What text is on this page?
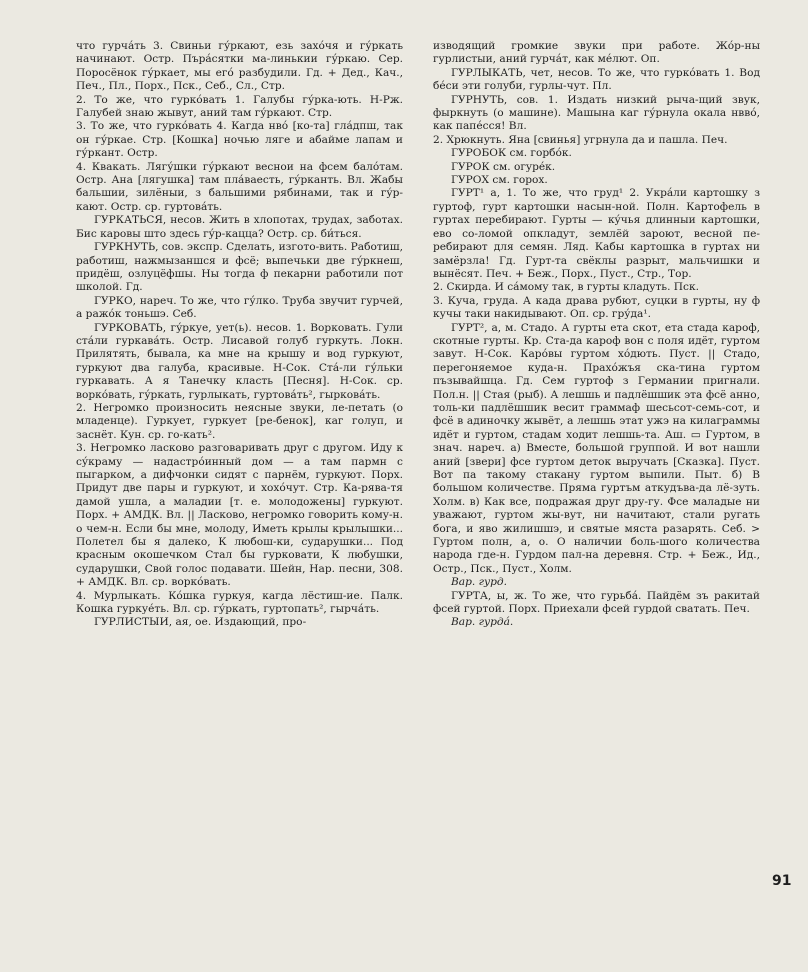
что гурча́ть 3. Свиньи гу́ркают, езь захо́чя и гу́ркать начинают. Остр. Пъра́сятки ма-линькии гу́ркаю. Сер. Поросёнок гу́ркает, мы его́ разбудили. Гд. + Дед., Кач., Печ., Пл., Порх., Пск., Себ., Сл., Стр.

2. То же, что гурко́вать 1. Галубы гу́рка-ють. Н-Рж. Галубей знаю жывут, аний там гу́ркают. Стр.

3. То же, что гурко́вать 4. Кагда нво́ [ко-та] гла́дпш, так он гу́ркае. Стр. [Кошка] ночью ляге и абайме лапам и гу́ркант. Остр.

4. Квакать. Лягу́шки гу́ркают веснои на фсем бало́там. Остр. Ана [лягушка] там пла́ваесть, гу́рканть. Вл. Жабы бальшии, зилёныи, з бальшими рябинами, так и гу́р-кают. Остр. ср. гуртова́ть.

ГУРКАТЬСЯ, несов. Жить в хлопотах, трудах, заботах. Бис каровы што здесь гу́р-каццa? Остр. ср. би́ться.

ГУРКНУТЬ, сов. экспр. Сделать, изгото-вить. Работиш, работиш, нажмызаншся и фсё; выпечьки две гу́ркнеш, придёш, озлуцёфшы. Ны тогда ф пекарни работили пот школой. Гд.

ГУРКО, нареч. То же, что гу́лко. Труба звучит гурчей, а ражо́к тоньшэ. Себ.

ГУРКОВАТЬ, гу́ркуе, ует(ь). несов. 1. Ворковать. Гули ста́ли гуркава́ть. Остр. Лисавой голуб гуркуть. Локн. Прилятять, бывала, ка мне на крышу и вод гуркуют, гуркуют два галуба, красивые. Н-Сок. Ста́-ли гу́льки гуркавать. А я Танечку класть [Песня]. Н-Сок. ср. ворко́вать, гу́ркать, гурлыкать, гуртова́ть², гыркова́ть.

2. Негромко произносить неясные звуки, ле-петать (о младенце). Гуркует, гуркует [ре-бенок], каг голуп, и заснёт. Кун. ср. го-кать².

3. Негромко ласково разговаривать друг с другом. Иду к су́краму — надастро́инный дом — а там пармн с пыгарком, а дифчонки сидят с парнём, гуркуют. Порх. Придут две пары и гуркуют, и хохо́чут. Стр. Ка-рява-тя дамой ушла, а маладии [т. е. молодожены] гуркуют. Порх. + АМДК. Вл. || Ласково, негромко говорить кому-н. о чем-н. Если бы мне, молоду, Иметь крылы крылышки... Полетел бы я далеко, К любош-ки, сударушки... Под красным окошечком Стал бы гурковати, К любушки, сударушки, Свой голос подавати. Шейн, Нар. песни, 308. + АМДК. Вл. ср. ворко́вать.

4. Мурлыкать. Ко́шка гуркуя, кагда лёстиш-ие. Палк. Кошка гуркуе́ть. Вл. ср. гу́ркать, гуртопать², гырча́ть.

ГУРЛИСТЫИ, ая, ое. Издающий, про-

изводящий громкие звуки при работе. Жо́р-ны гурлистыи, аний гурча́т, как ме́лют. Оп.

ГУРЛЫКАТЬ, чет, несов. То же, что гурко́вать 1. Вод бе́си эти голуби, гурлы-чут. Пл.

ГУРНУТЬ, сов. 1. Издать низкий рыча-щий звук, фыркнуть (о машине). Машына каг гу́рнула окала нвво́, как папе́сся! Вл.

2. Хрюкнуть. Яна [свинья] угрнула да и пашла. Печ.

ГУРОБОК см. горбо́к.

ГУРОК см. огуре́к.

ГУРОХ см. горох.

ГУРТ¹ а, 1. То же, что груд¹ 2. Укра́ли картошку з гуртоф, гурт картошки насын-ной. Полн. Картофель в гуртах перебирают. Гурты — ку́чья длинныи картошки, ево со-ломой опкладут, землёй зароют, весной пе-ребирают для семян. Ляд. Кабы картошка в гуртах ни замёрзла! Гд. Гурт-та свёклы разрыт, мальчишки и вынёсят. Печ. + Беж., Порх., Пуст., Стр., Тор.

2. Скирда. И са́мому так, в гурты кладуть. Пск.

3. Куча, груда. А када драва рубют, суцки в гурты, ну ф кучы таки накидывают. Оп. ср. гру́да¹.

ГУРТ², а, м. Стадо. А гурты ета скот, ета стада кароф, скотные гурты. Кр. Ста-да кароф вон с поля идёт, гуртом завут. Н-Сок. Каро́вы гуртом хо́дють. Пуст. || Стадо, перегоняемое куда-н. Прахо́жъя ска-тина гуртом пъзывайшца. Гд. Сем гуртоф з Германии пригнали. Пол.н. || Стая (рыб). А лешшь и падлёшшик эта фсё анно, толь-ки падлёшшик весит граммаф шесьсот-семь-сот, и фсё в адиночку жывёт, а лешшь этат ужэ на килаграммы идёт и гуртом, стадам ходит лешшь-та. Аш. ▭ Гуртом, в знач. нареч. а) Вместе, большой группой. И вот нашли аний [звери] фсе гуртом деток выручать [Сказка]. Пуст. Вот па такому стакану гуртом выпили. Пыт. б) В большом количестве. Пряма гуртъм аткудъва-да лё-зуть. Холм. в) Как все, подражая друг дру-гу. Фсе маладые ни уважают, гуртом жы-вут, ни начитают, стали ругать бога, и яво жилишшэ, и святые мястa разарять. Себ. > Гуртом полн, а, о. О наличии боль-шого количества народа где-н. Гурдом пал-на деревня. Стр. + Беж., Ид., Остр., Пск., Пуст., Холм.

Вар. гурд.

ГУРТА, ы, ж. То же, что гурьба́. Пайдём зъ ракитай фсей гуртой. Порх. Приехали фсей гурдой сватать. Печ.

Вар. гурда́.

91
